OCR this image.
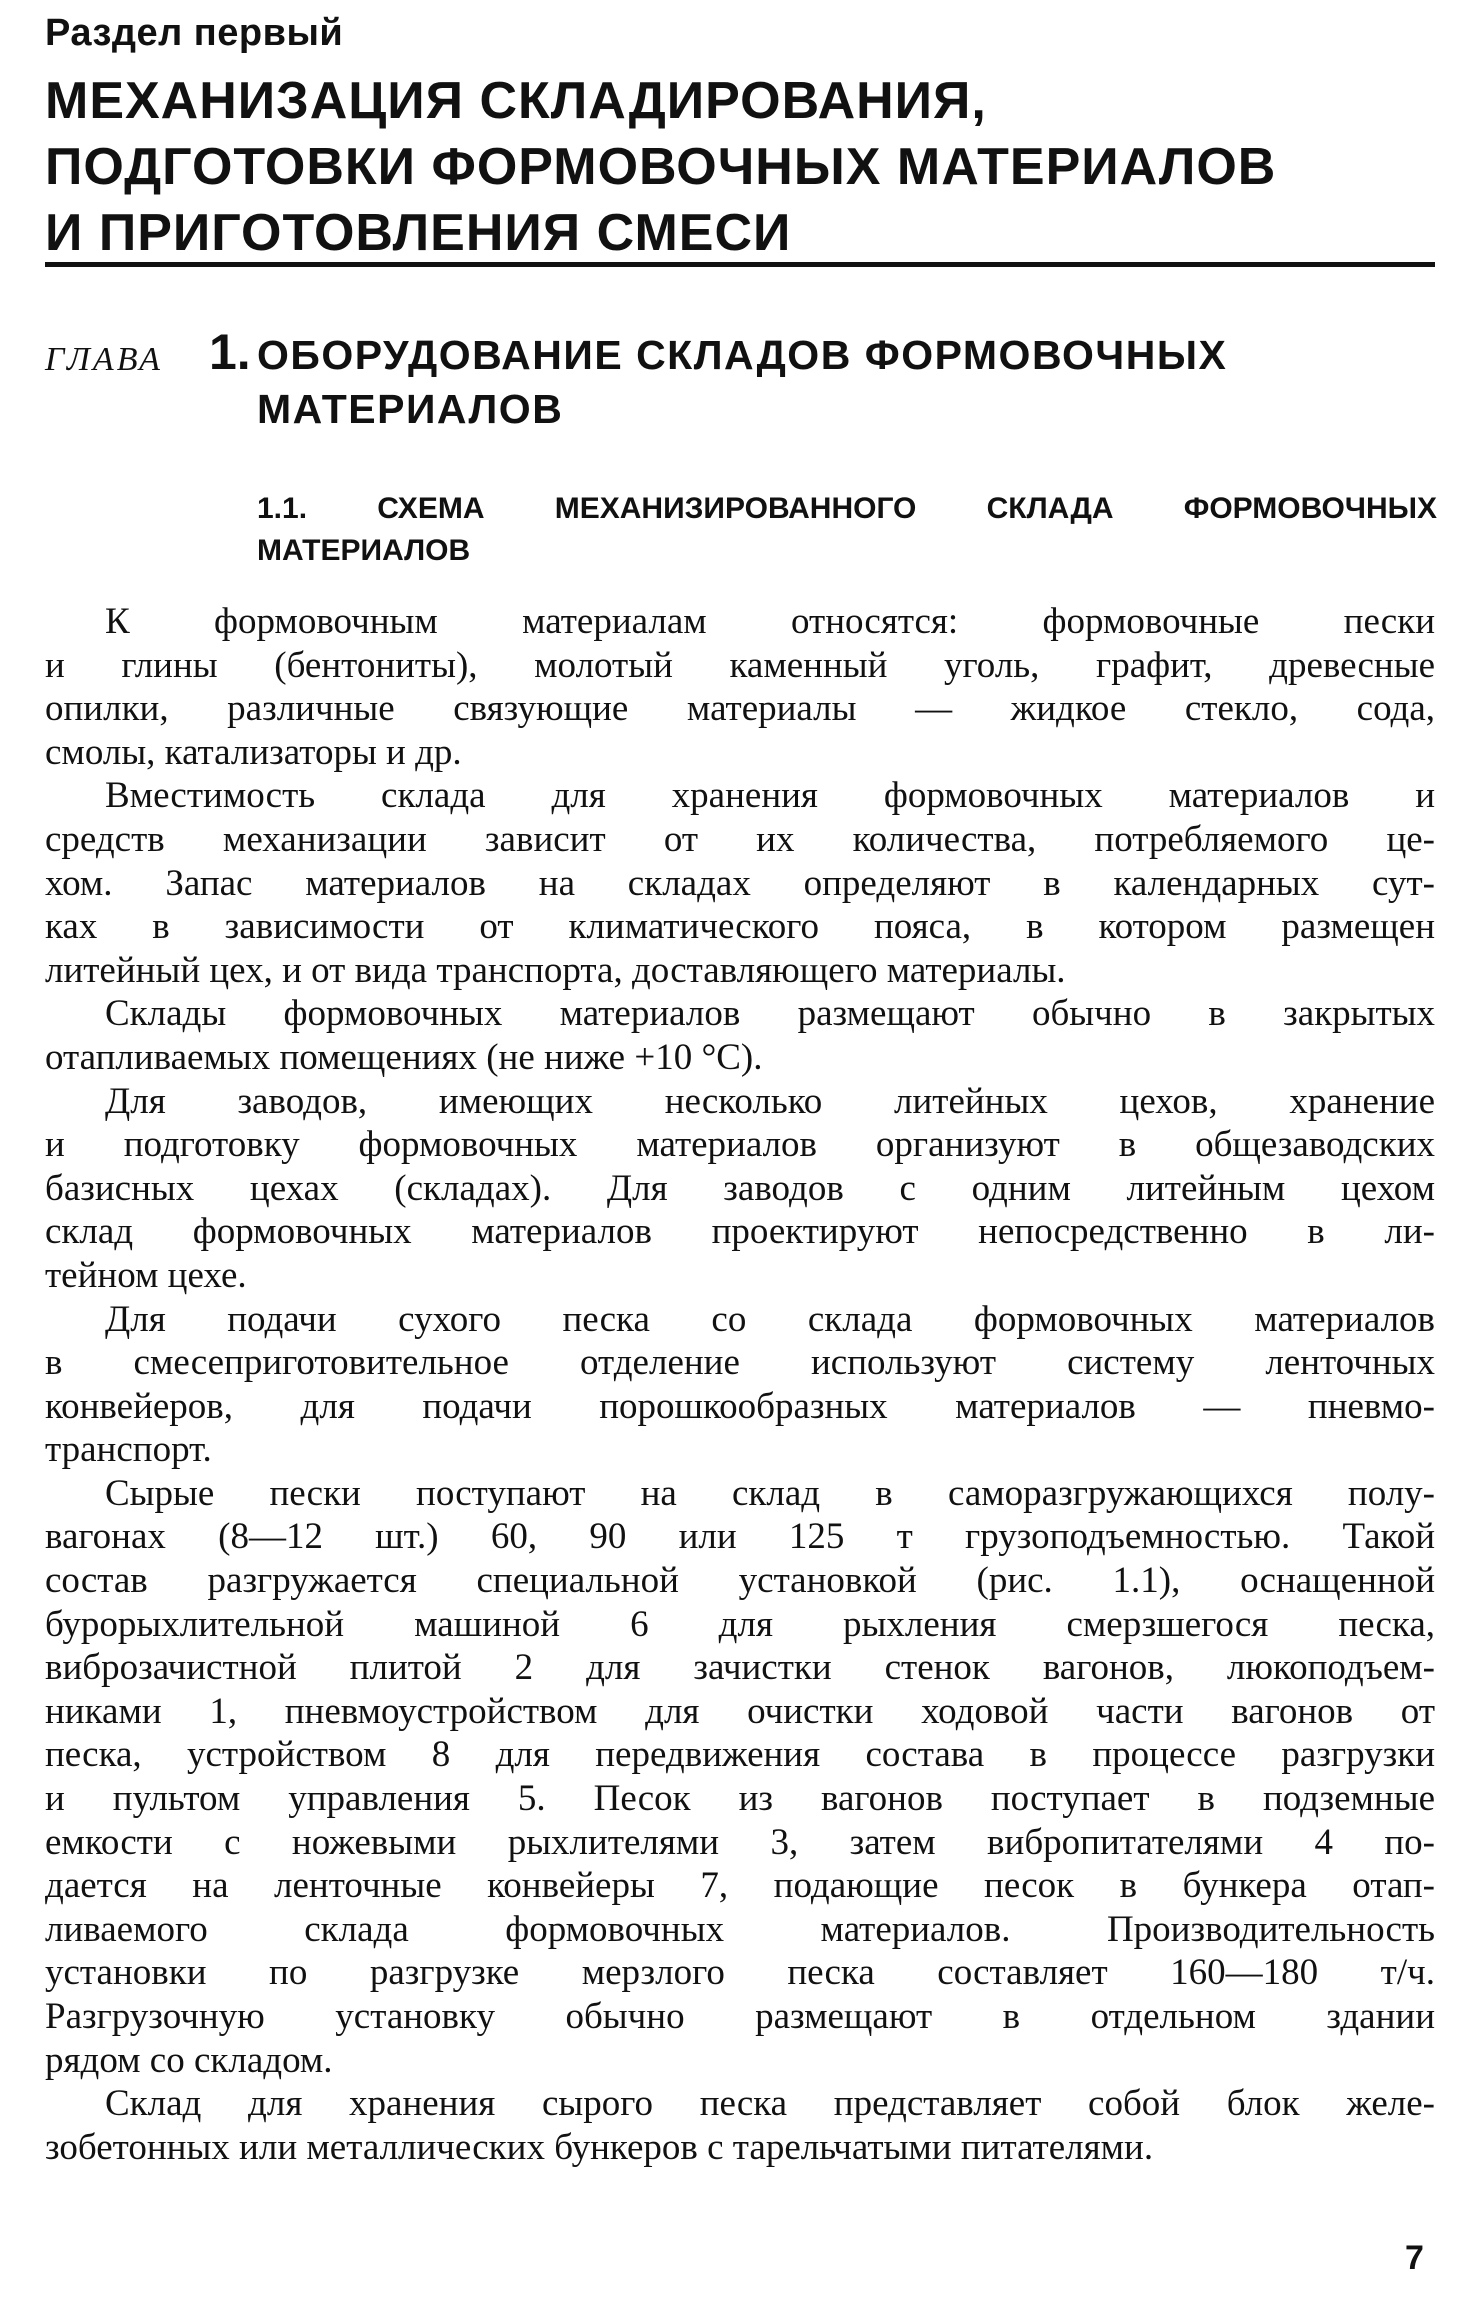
Раздел первый
МЕХАНИЗАЦИЯ СКЛАДИРОВАНИЯ,
ПОДГОТОВКИ ФОРМОВОЧНЫХ МАТЕРИАЛОВ
И ПРИГОТОВЛЕНИЯ СМЕСИ
ГЛАВА 1. ОБОРУДОВАНИЕ СКЛАДОВ ФОРМОВОЧНЫХ
МАТЕРИАЛОВ
1.1. СХЕМА МЕХАНИЗИРОВАННОГО СКЛАДА ФОРМОВОЧНЫХ
МАТЕРИАЛОВ
К формовочным материалам относятся: формовочные пески
и глины (бентониты), молотый каменный уголь, графит, древесные
опилки, различные связующие материалы — жидкое стекло, сода,
смолы, катализаторы и др.
Вместимость склада для хранения формовочных материалов и
средств механизации зависит от их количества, потребляемого це-
хом. Запас материалов на складах определяют в календарных сут-
ках в зависимости от климатического пояса, в котором размещен
литейный цех, и от вида транспорта, доставляющего материалы.
Склады формовочных материалов размещают обычно в закрытых
отапливаемых помещениях (не ниже +10 °С).
Для заводов, имеющих несколько литейных цехов, хранение
и подготовку формовочных материалов организуют в общезаводских
базисных цехах (складах). Для заводов с одним литейным цехом
склад формовочных материалов проектируют непосредственно в ли-
тейном цехе.
Для подачи сухого песка со склада формовочных материалов
в смесеприготовительное отделение используют систему ленточных
конвейеров, для подачи порошкообразных материалов — пневмо-
транспорт.
Сырые пески поступают на склад в саморазгружающихся полу-
вагонах (8—12 шт.) 60, 90 или 125 т грузоподъемностью. Такой
состав разгружается специальной установкой (рис. 1.1), оснащенной
бурорыхлительной машиной 6 для рыхления смерзшегося песка,
виброзачистной плитой 2 для зачистки стенок вагонов, люкоподъем-
никами 1, пневмоустройством для очистки ходовой части вагонов от
песка, устройством 8 для передвижения состава в процессе разгрузки
и пультом управления 5. Песок из вагонов поступает в подземные
емкости с ножевыми рыхлителями 3, затем вибропитателями 4 по-
дается на ленточные конвейеры 7, подающие песок в бункера отап-
ливаемого склада формовочных материалов. Производительность
установки по разгрузке мерзлого песка составляет 160—180 т/ч.
Разгрузочную установку обычно размещают в отдельном здании
рядом со складом.
Склад для хранения сырого песка представляет собой блок желе-
зобетонных или металлических бункеров с тарельчатыми питателями.
7
